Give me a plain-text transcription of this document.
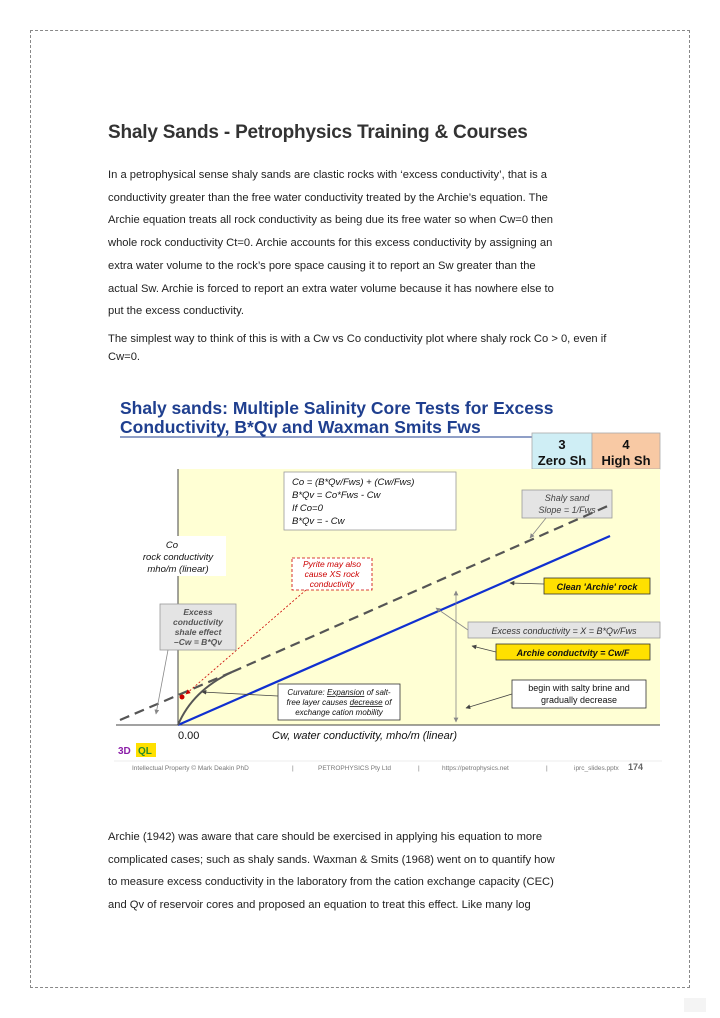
Shaly Sands - Petrophysics Training & Courses

In a petrophysical sense shaly sands are clastic rocks with ‘excess conductivity’, that is a
conductivity greater than the free water conductivity treated by the Archie’s equation. The
Archie equation treats all rock conductivity as being due its free water so when Cw=0 then
whole rock conductivity Ct=0. Archie accounts for this excess conductivity by assigning an
extra water volume to the rock’s pore space causing it to report an Sw greater than the
actual Sw. Archie is forced to report an extra water volume because it has nowhere else to
put the excess conductivity.

The simplest way to think of this is with a Cw vs Co conductivity plot where shaly rock Co > 0, even if Cw=0.

Shaly sands: Multiple Salinity Core Tests for Excess
Conductivity, B*Qv and Waxman Smits Fws
3
Zero Sh
4
High Sh
Co = (B*Qv/Fws) + (Cw/Fws)
B*Qv = Co*Fws - Cw
If Co=0
B*Qv = - Cw
Co
rock conductivity
mho/m (linear)
Shaly sand
Slope = 1/Fws
Pyrite may also
cause XS rock
conductivity	Clean 'Archie' rock
Excess
conductivity
shale effect
–Cw = B*Qv
Excess conductivity = X = B*Qv/Fws
Archie conductvity = Cw/F
begin with salty brine and
gradually decrease
Curvature: Expansion of salt-
free layer causes decrease of
exchange cation mobility
0.00	Cw, water conductivity, mho/m (linear)
3D QL
Intellectual Property © Mark Deakin PhD	|	PETROPHYSICS Pty Ltd	|	https://petrophysics.net	|	iprc_slides.pptx 174

Archie (1942) was aware that care should be exercised in applying his equation to more
complicated cases; such as shaly sands. Waxman & Smits (1968) went on to quantify how
to measure excess conductivity in the laboratory from the cation exchange capacity (CEC)
and Qv of reservoir cores and proposed an equation to treat this effect. Like many log
